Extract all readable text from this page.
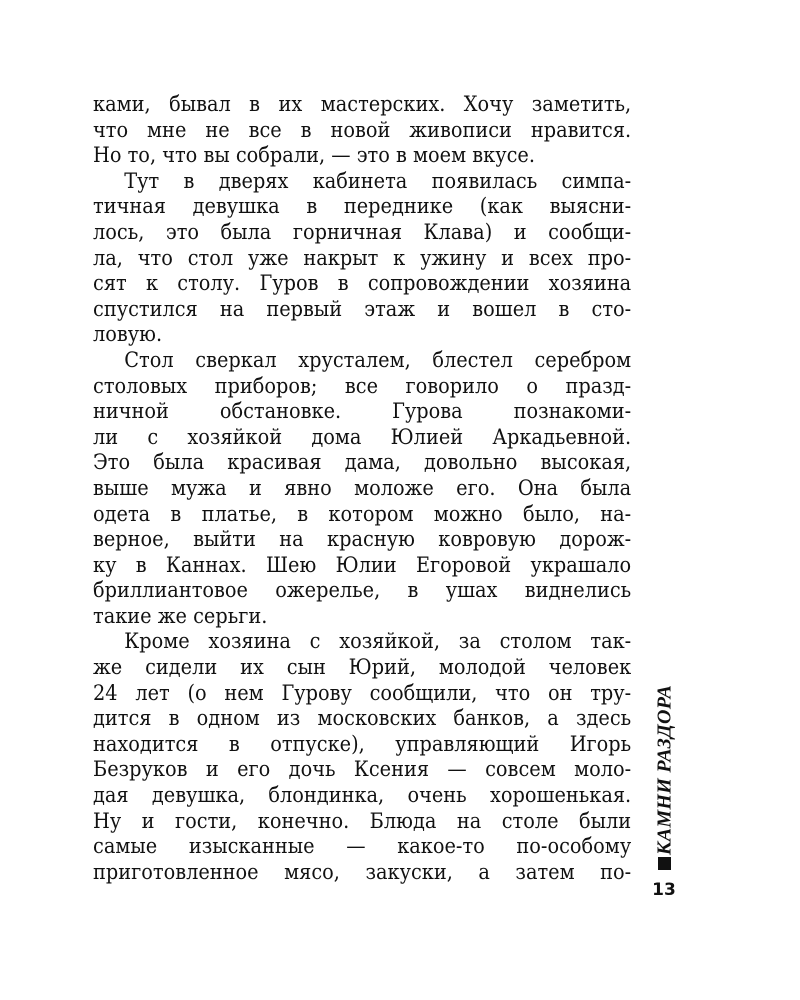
ками, бывал в их мастерских. Хочу заметить,
что мне не все в новой живописи нравится.
Но то, что вы собрали, — это в моем вкусе.
Тут в дверях кабинета появилась симпа-
тичная девушка в переднике (как выясни-
лось, это была горничная Клава) и сообщи-
ла, что стол уже накрыт к ужину и всех про-
сят к столу. Гуров в сопровождении хозяина
спустился на первый этаж и вошел в сто-
ловую.
Стол сверкал хрусталем, блестел серебром
столовых приборов; все говорило о празд-
ничной обстановке. Гурова познакоми-
ли с хозяйкой дома Юлией Аркадьевной.
Это была красивая дама, довольно высокая,
выше мужа и явно моложе его. Она была
одета в платье, в котором можно было, на-
верное, выйти на красную ковровую дорож-
ку в Каннах. Шею Юлии Егоровой украшало
бриллиантовое ожерелье, в ушах виднелись
такие же серьги.
Кроме хозяина с хозяйкой, за столом так-
же сидели их сын Юрий, молодой человек
24 лет (о нем Гурову сообщили, что он тру-
дится в одном из московских банков, а здесь
находится в отпуске), управляющий Игорь
Безруков и его дочь Ксения — совсем моло-
дая девушка, блондинка, очень хорошенькая.
Ну и гости, конечно. Блюда на столе были
самые изысканные — какое-то по-особому
приготовленное мясо, закуски, а затем по-
КАМНИ РАЗДОРА
13
